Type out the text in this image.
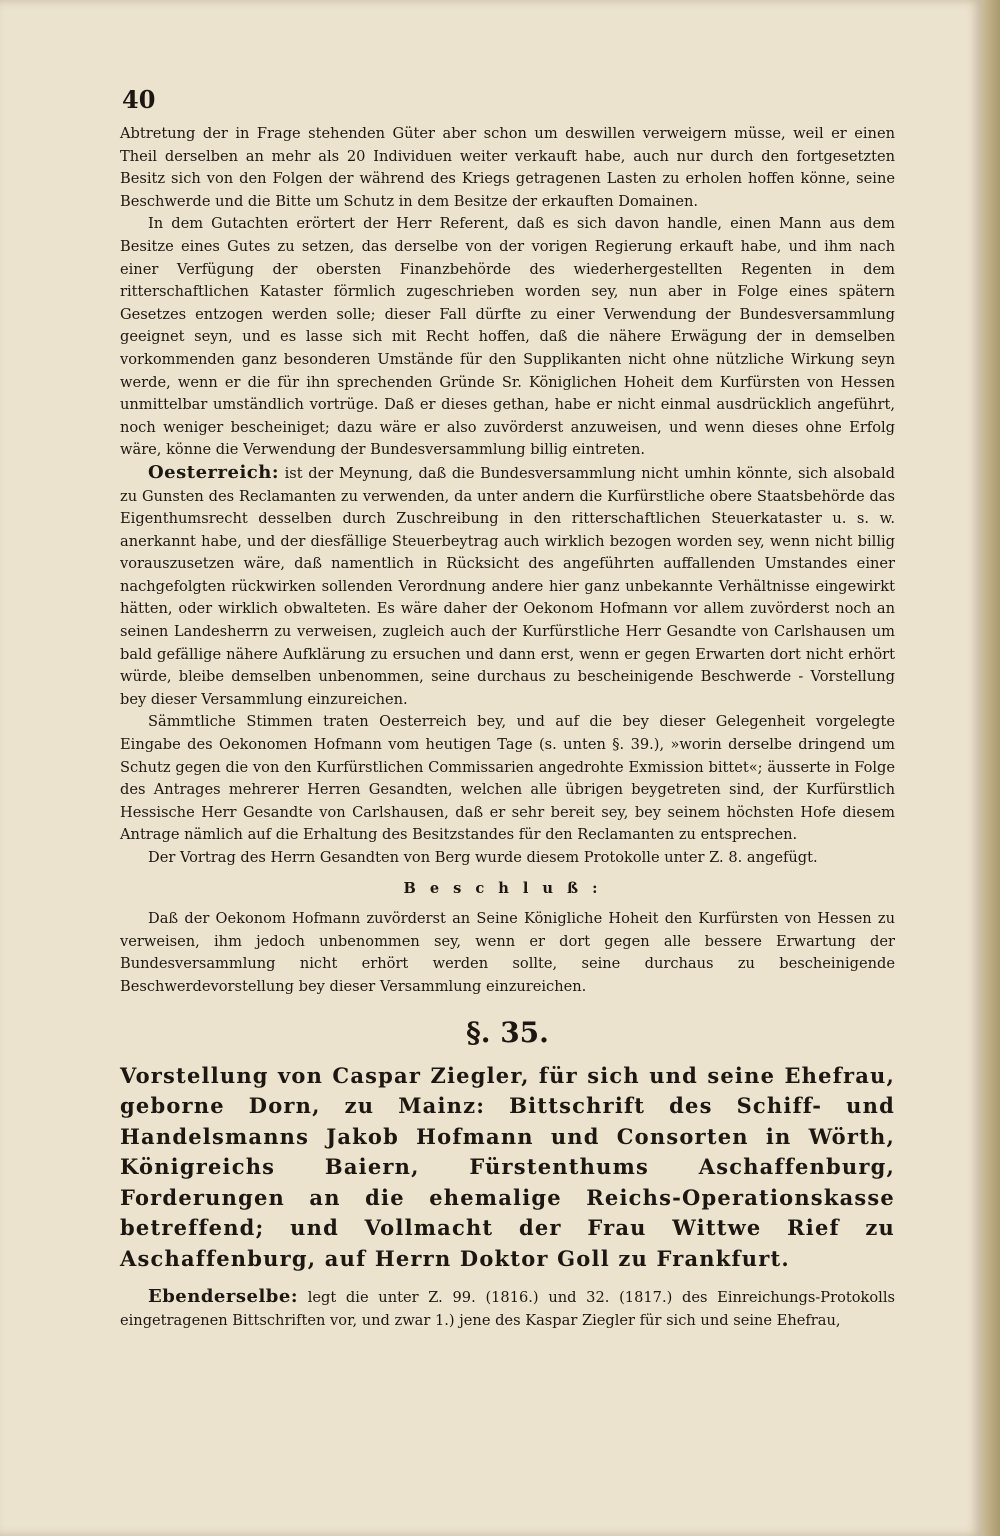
40

Abtretung der in Frage stehenden Güter aber schon um deswillen verweigern müsse, weil er einen Theil derselben an mehr als 20 Individuen weiter verkauft habe, auch nur durch den fortgesetzten Besitz sich von den Folgen der während des Kriegs getragenen Lasten zu erholen hoffen könne, seine Beschwerde und die Bitte um Schutz in dem Besitze der erkauften Domainen.

In dem Gutachten erörtert der Herr Referent, daß es sich davon handle, einen Mann aus dem Besitze eines Gutes zu setzen, das derselbe von der vorigen Regierung erkauft habe, und ihm nach einer Verfügung der obersten Finanzbehörde des wiederhergestellten Regenten in dem ritterschaftlichen Kataster förmlich zugeschrieben worden sey, nun aber in Folge eines spätern Gesetzes entzogen werden solle; dieser Fall dürfte zu einer Verwendung der Bundesversammlung geeignet seyn, und es lasse sich mit Recht hoffen, daß die nähere Erwägung der in demselben vorkommenden ganz besonderen Umstände für den Supplikanten nicht ohne nützliche Wirkung seyn werde, wenn er die für ihn sprechenden Gründe Sr. Königlichen Hoheit dem Kurfürsten von Hessen unmittelbar umständlich vortrüge. Daß er dieses gethan, habe er nicht einmal ausdrücklich angeführt, noch weniger bescheiniget; dazu wäre er also zuvörderst anzuweisen, und wenn dieses ohne Erfolg wäre, könne die Verwendung der Bundesversammlung billig eintreten.

Oesterreich: ist der Meynung, daß die Bundesversammlung nicht umhin könnte, sich alsobald zu Gunsten des Reclamanten zu verwenden, da unter andern die Kurfürstliche obere Staatsbehörde das Eigenthumsrecht desselben durch Zuschreibung in den ritterschaftlichen Steuerkataster u. s. w. anerkannt habe, und der diesfällige Steuerbeytrag auch wirklich bezogen worden sey, wenn nicht billig vorauszusetzen wäre, daß namentlich in Rücksicht des angeführten auffallenden Umstandes einer nachgefolgten rückwirken sollenden Verordnung andere hier ganz unbekannte Verhältnisse eingewirkt hätten, oder wirklich obwalteten. Es wäre daher der Oekonom Hofmann vor allem zuvörderst noch an seinen Landesherrn zu verweisen, zugleich auch der Kurfürstliche Herr Gesandte von Carlshausen um bald gefällige nähere Aufklärung zu ersuchen und dann erst, wenn er gegen Erwarten dort nicht erhört würde, bleibe demselben unbenommen, seine durchaus zu bescheinigende Beschwerde - Vorstellung bey dieser Versammlung einzureichen.

Sämmtliche Stimmen traten Oesterreich bey, und auf die bey dieser Gelegenheit vorgelegte Eingabe des Oekonomen Hofmann vom heutigen Tage (s. unten §. 39.), »worin derselbe dringend um Schutz gegen die von den Kurfürstlichen Commissarien angedrohte Exmission bittet«; äusserte in Folge des Antrages mehrerer Herren Gesandten, welchen alle übrigen beygetreten sind, der Kurfürstlich Hessische Herr Gesandte von Carlshausen, daß er sehr bereit sey, bey seinem höchsten Hofe diesem Antrage nämlich auf die Erhaltung des Besitzstandes für den Reclamanten zu entsprechen.

Der Vortrag des Herrn Gesandten von Berg wurde diesem Protokolle unter Z. 8. angefügt.

Beschluß:

Daß der Oekonom Hofmann zuvörderst an Seine Königliche Hoheit den Kurfürsten von Hessen zu verweisen, ihm jedoch unbenommen sey, wenn er dort gegen alle bessere Erwartung der Bundesversammlung nicht erhört werden sollte, seine durchaus zu bescheinigende Beschwerdevorstellung bey dieser Versammlung einzureichen.

§. 35.
Vorstellung von Caspar Ziegler, für sich und seine Ehefrau, geborne Dorn, zu Mainz: Bittschrift des Schiff- und Handelsmanns Jakob Hofmann und Consorten in Wörth, Königreichs Baiern, Fürstenthums Aschaffenburg, Forderungen an die ehemalige Reichs-Operationskasse betreffend; und Vollmacht der Frau Wittwe Rief zu Aschaffenburg, auf Herrn Doktor Goll zu Frankfurt.

Ebenderselbe: legt die unter Z. 99. (1816.) und 32. (1817.) des Einreichungs-Protokolls eingetragenen Bittschriften vor, und zwar 1.) jene des Kaspar Ziegler für sich und seine Ehefrau,
